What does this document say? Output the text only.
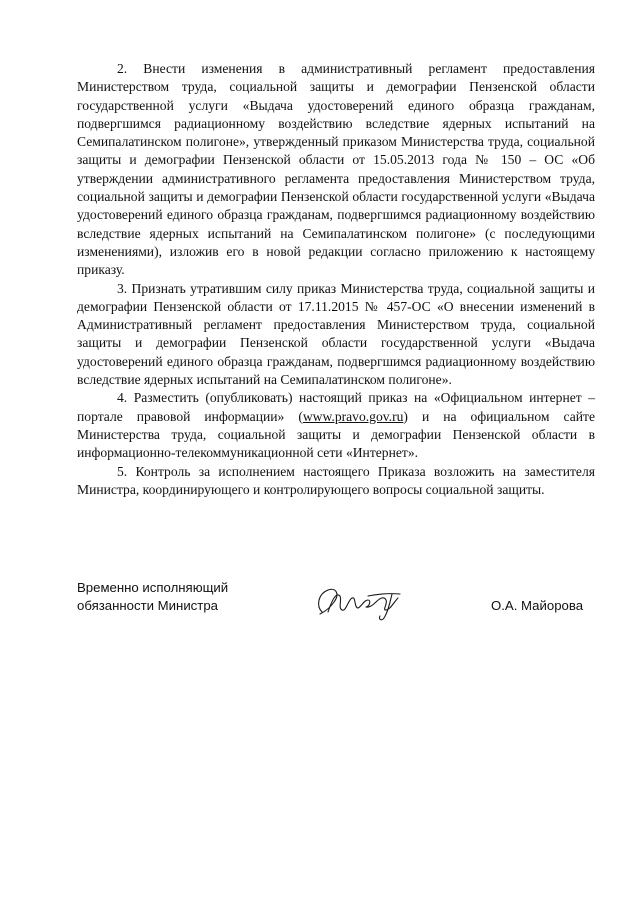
2. Внести изменения в административный регламент предоставления Министерством труда, социальной защиты и демографии Пензенской области государственной услуги «Выдача удостоверений единого образца гражданам, подвергшимся радиационному воздействию вследствие ядерных испытаний на Семипалатинском полигоне», утвержденный приказом Министерства труда, социальной защиты и демографии Пензенской области от 15.05.2013 года № 150 – ОС «Об утверждении административного регламента предоставления Министерством труда, социальной защиты и демографии Пензенской области государственной услуги «Выдача удостоверений единого образца гражданам, подвергшимся радиационному воздействию вследствие ядерных испытаний на Семипалатинском полигоне» (с последующими изменениями), изложив его в новой редакции согласно приложению к настоящему приказу.

3. Признать утратившим силу приказ Министерства труда, социальной защиты и демографии Пензенской области от 17.11.2015 № 457-ОС «О внесении изменений в Административный регламент предоставления Министерством труда, социальной защиты и демографии Пензенской области государственной услуги «Выдача удостоверений единого образца гражданам, подвергшимся радиационному воздействию вследствие ядерных испытаний на Семипалатинском полигоне».

4. Разместить (опубликовать) настоящий приказ на «Официальном интернет – портале правовой информации» (www.pravo.gov.ru) и на официальном сайте Министерства труда, социальной защиты и демографии Пензенской области в информационно-телекоммуникационной сети «Интернет».

5. Контроль за исполнением настоящего Приказа возложить на заместителя Министра, координирующего и контролирующего вопросы социальной защиты.

Временно исполняющий
обязанности Министра	О.А. Майорова
